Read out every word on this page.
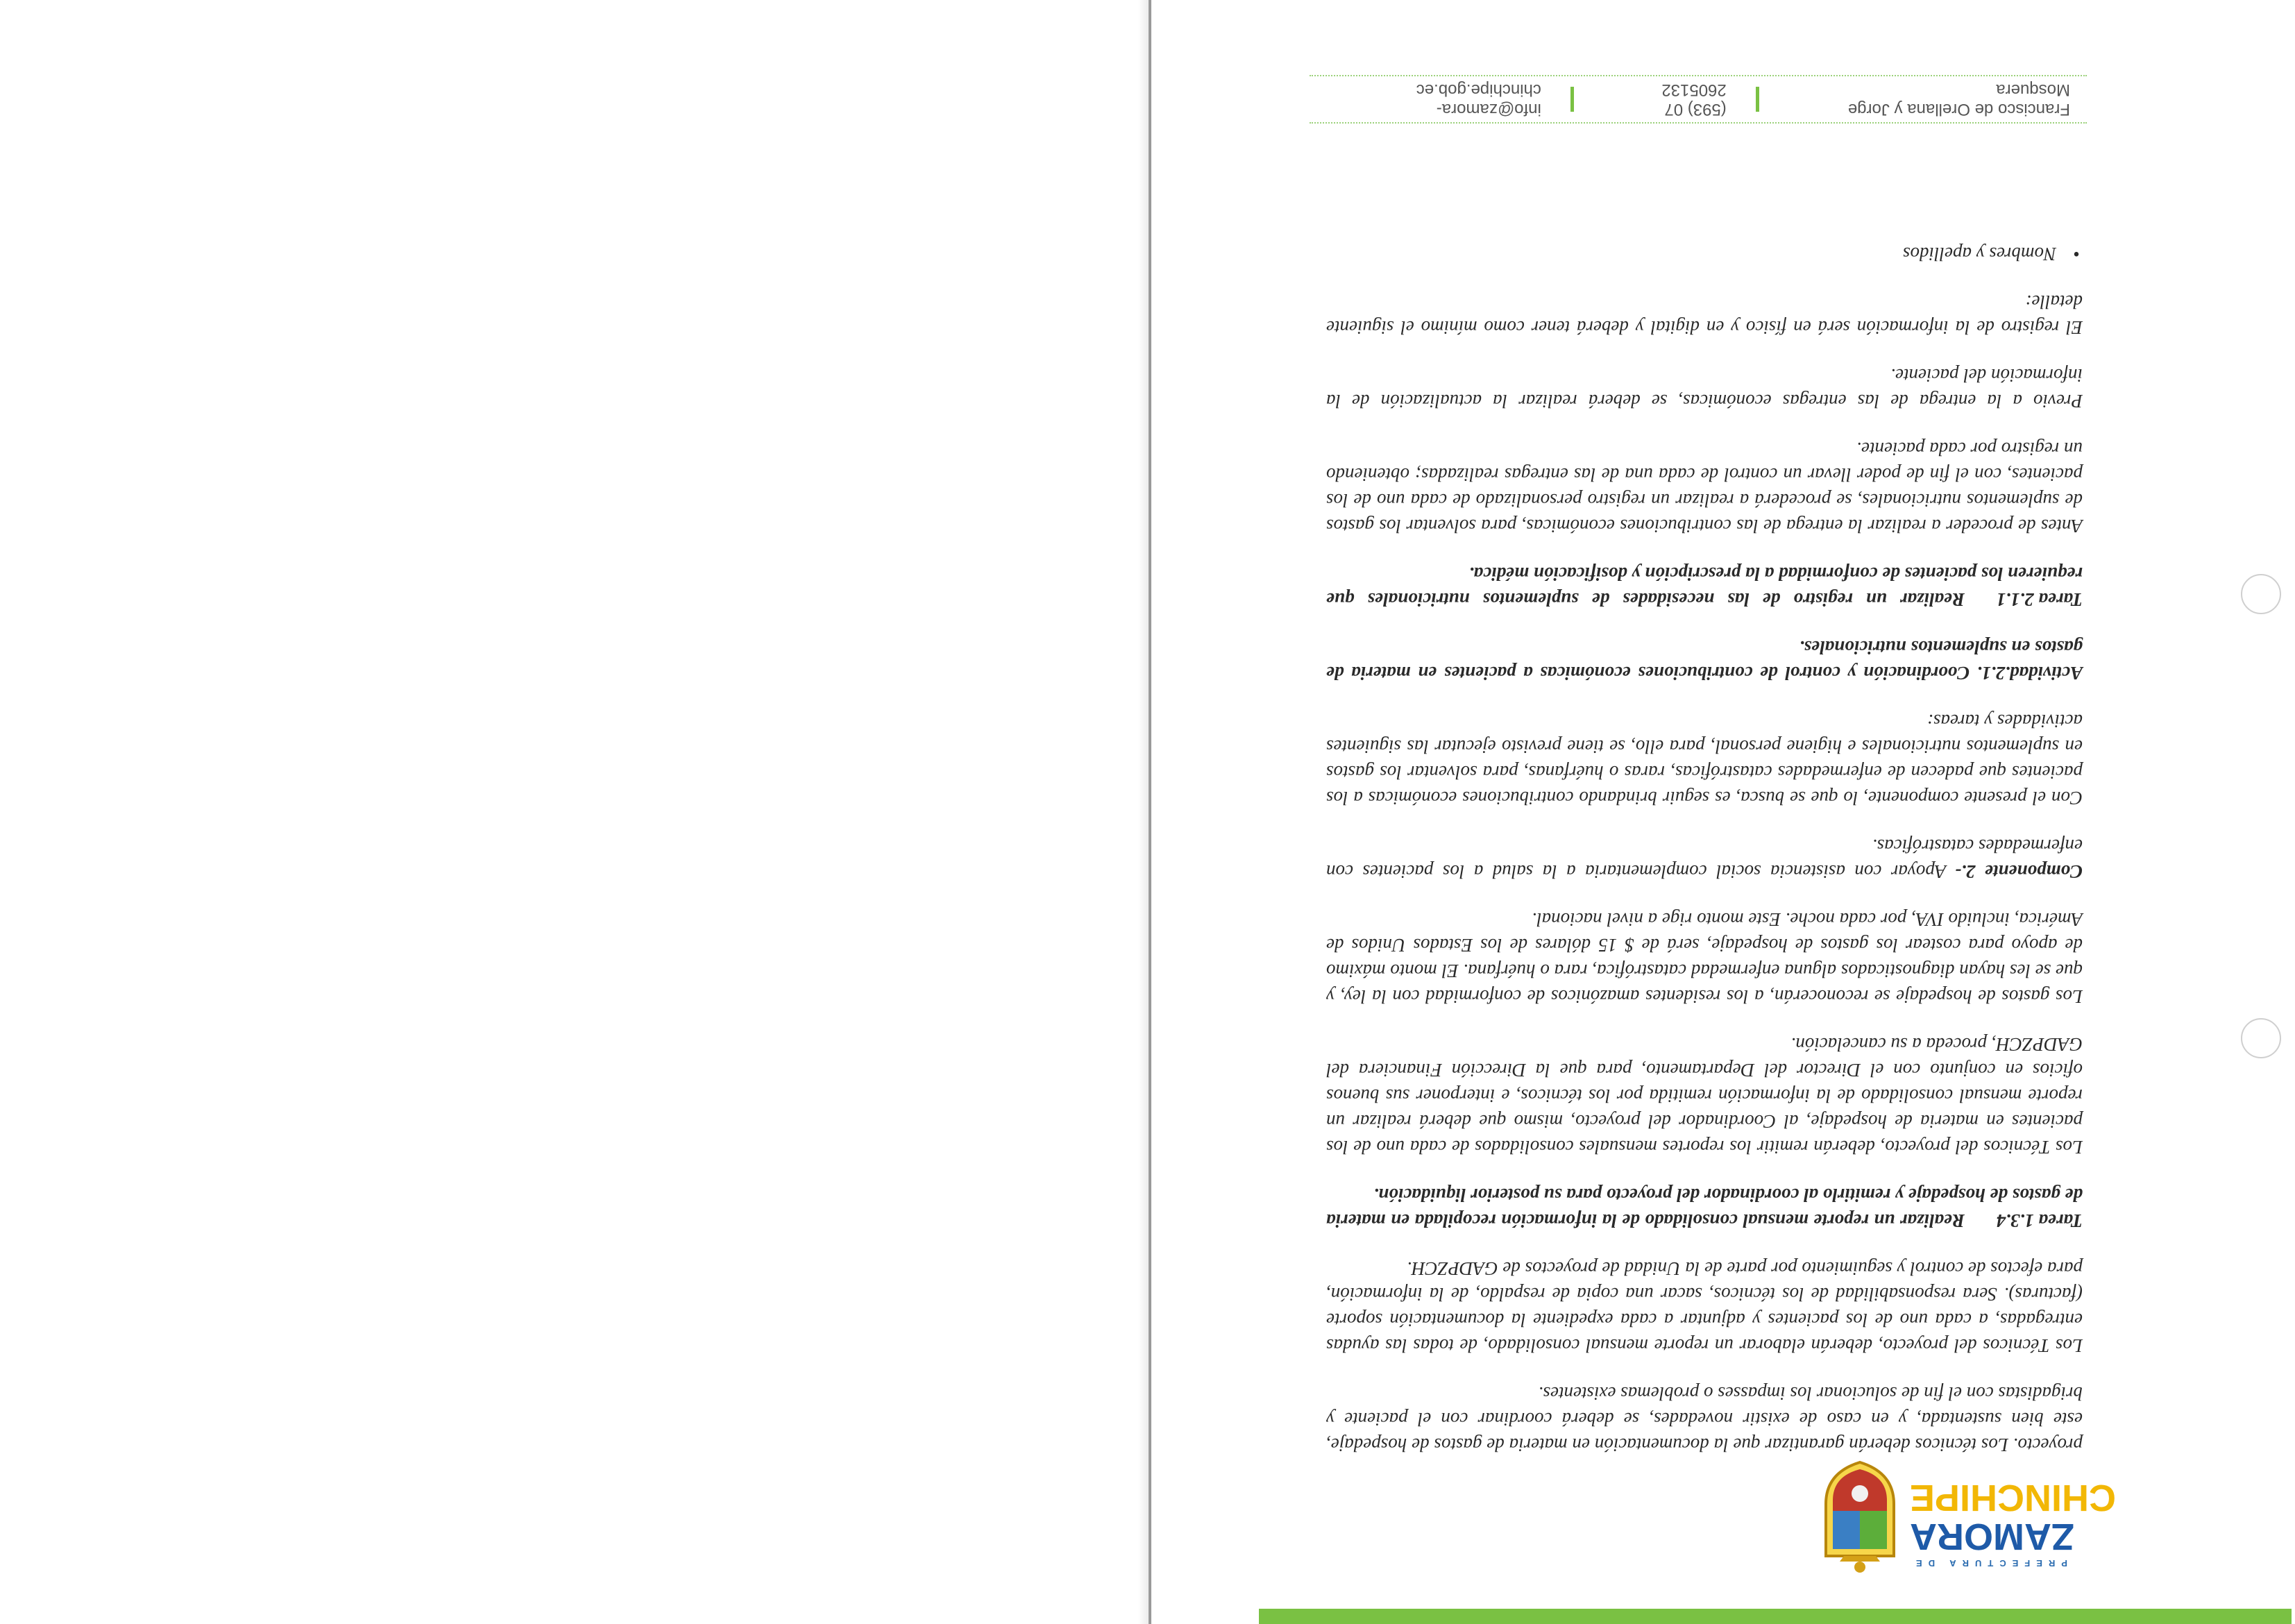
PREFECTURA DE
ZAMORA
CHINCHIPE

proyecto. Los técnicos deberán garantizar que la documentación en materia de gastos de hospedaje, este bien sustentada, y en caso de existir novedades, se deberá coordinar con el paciente y brigadistas con el fin de solucionar los impasses o problemas existentes.

Los Técnicos del proyecto, deberán elaborar un reporte mensual consolidado, de todas las ayudas entregadas, a cada uno de los pacientes y adjuntar a cada expediente la documentación soporte (facturas). Sera responsabilidad de los técnicos, sacar una copia de respaldo, de la información, para efectos de control y seguimiento por parte de la Unidad de proyectos de GADPZCH.

Tarea 1.3.4Realizar un reporte mensual consolidado de la información recopilada en materia de gastos de hospedaje y remitirlo al coordinador del proyecto para su posterior liquidación.

Los Técnicos del proyecto, deberán remitir los reportes mensuales consolidados de cada uno de los pacientes en materia de hospedaje, al Coordinador del proyecto, mismo que deberá realizar un reporte mensual consolidado de la información remitida por los técnicos, e interponer sus buenos oficios en conjunto con el Director del Departamento, para que la Dirección Financiera del GADPZCH, proceda a su cancelación.

Los gastos de hospedaje se reconocerán, a los residentes amazónicos de conformidad con la ley, y que se les hayan diagnosticados alguna enfermedad catastrófica, rara o huérfana. El monto máximo de apoyo para costear los gastos de hospedaje, será de $ 15 dólares de los Estados Unidos de América, incluido IVA, por cada noche. Este monto rige a nivel nacional.

Componente 2.- Apoyar con asistencia social complementaria a la salud a los pacientes con enfermedades catastróficas.

Con el presente componente, lo que se busca, es seguir brindando contribuciones económicas a los pacientes que padecen de enfermedades catastróficas, raras o huérfanas, para solventar los gastos en suplementos nutricionales e higiene personal, para ello, se tiene previsto ejecutar las siguientes actividades y tareas:

Actividad.2.1. Coordinación y control de contribuciones económicas a pacientes en materia de gastos en suplementos nutricionales.

Tarea 2.1.1Realizar un registro de las necesidades de suplementos nutricionales que requieren los pacientes de conformidad a la prescripción y dosificación médica.

Antes de proceder a realizar la entrega de las contribuciones económicas, para solventar los gastos de suplementos nutricionales, se procederá a realizar un registro personalizado de cada uno de los pacientes, con el fin de poder llevar un control de cada una de las entregas realizadas; obteniendo un registro por cada paciente.

Previo a la entrega de las entregas económicas, se deberá realizar la actualización de la información del paciente.

El registro de la información será en físico y en digital y deberá tener como mínimo el siguiente detalle:

• Nombres y apellidos

Francisco de Orellana y Jorge Mosquera
(593) 07 2605132
info@zamora-chinchipe.gob.ec
